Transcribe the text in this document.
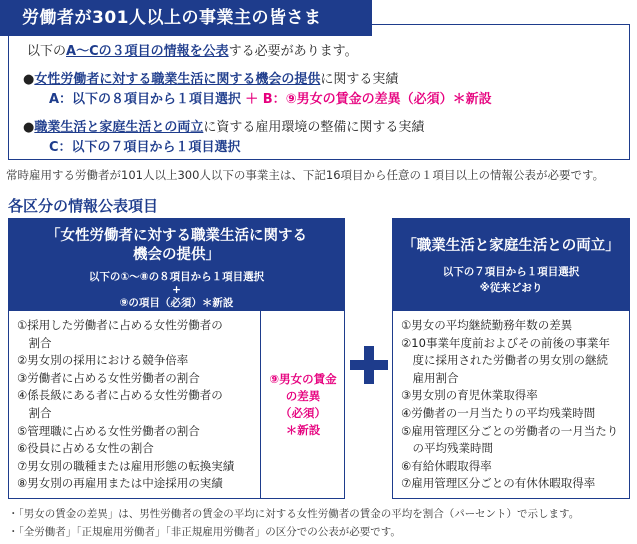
以下のA〜Cの３項目の情報を公表する必要があります。
●女性労働者に対する職業生活に関する機会の提供に関する実績
A：以下の８項目から１項目選択 ＋ B：⑨男女の賃金の差異（必須）＊新設
●職業生活と家庭生活との両立に資する雇用環境の整備に関する実績
C：以下の７項目から１項目選択
労働者が301人以上の事業主の皆さま
常時雇用する労働者が101人以上300人以下の事業主は、下記16項目から任意の１項目以上の情報公表が必要です。
各区分の情報公表項目
「女性労働者に対する職業生活に関する
機会の提供」
以下の①〜⑧の８項目から１項目選択
+
⑨の項目（必須）＊新設
①採用した労働者に占める女性労働者の
　割合
②男女別の採用における競争倍率
③労働者に占める女性労働者の割合
④係長級にある者に占める女性労働者の
　割合
⑤管理職に占める女性労働者の割合
⑥役員に占める女性の割合
⑦男女別の職種または雇用形態の転換実績
⑧男女別の再雇用または中途採用の実績
⑨男女の賃金
の差異
（必須）
＊新設
「職業生活と家庭生活との両立」
以下の７項目から１項目選択
※従来どおり
①男女の平均継続勤務年数の差異
②10事業年度前およびその前後の事業年
　度に採用された労働者の男女別の継続
　雇用割合
③男女別の育児休業取得率
④労働者の一月当たりの平均残業時間
⑤雇用管理区分ごとの労働者の一月当たり
　の平均残業時間
⑥有給休暇取得率
⑦雇用管理区分ごとの有休休暇取得率
・「男女の賃金の差異」は、男性労働者の賃金の平均に対する女性労働者の賃金の平均を割合（パーセント）で示します。
・「全労働者」「正規雇用労働者」「非正規雇用労働者」の区分での公表が必要です。
